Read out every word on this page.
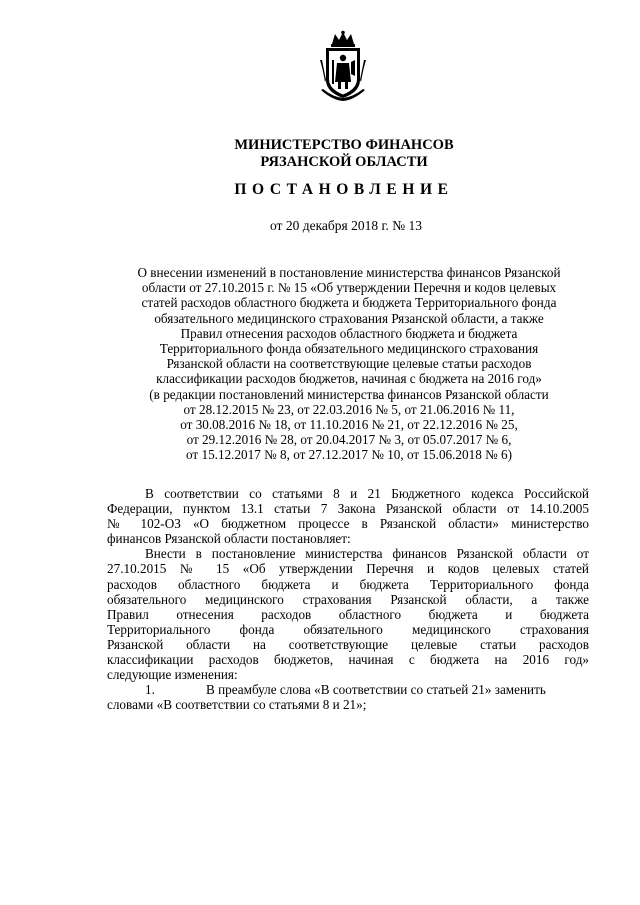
МИНИСТЕРСТВО ФИНАНСОВ
РЯЗАНСКОЙ ОБЛАСТИ
ПОСТАНОВЛЕНИЕ
от 20 декабря 2018 г. № 13
О внесении изменений в постановление министерства финансов Рязанской
области от 27.10.2015 г. № 15 «Об утверждении Перечня и кодов целевых
статей расходов областного бюджета и бюджета Территориального фонда
обязательного медицинского страхования Рязанской области, а также
Правил отнесения расходов областного бюджета и бюджета
Территориального фонда обязательного медицинского страхования
Рязанской области на соответствующие целевые статьи расходов
классификации расходов бюджетов, начиная с бюджета на 2016 год»
(в редакции постановлений министерства финансов Рязанской области
от 28.12.2015 № 23, от 22.03.2016 № 5, от 21.06.2016 № 11,
от 30.08.2016 № 18, от 11.10.2016 № 21, от 22.12.2016 № 25,
от 29.12.2016 № 28, от 20.04.2017 № 3, от 05.07.2017 № 6,
от 15.12.2017 № 8, от 27.12.2017 № 10, от 15.06.2018 № 6)
В соответствии со статьями 8 и 21 Бюджетного кодекса Российской
Федерации, пунктом 13.1 статьи 7 Закона Рязанской области от 14.10.2005
№ 102-ОЗ «О бюджетном процессе в Рязанской области» министерство
финансов Рязанской области постановляет:
Внести в постановление министерства финансов Рязанской области от
27.10.2015 № 15 «Об утверждении Перечня и кодов целевых статей
расходов областного бюджета и бюджета Территориального фонда
обязательного медицинского страхования Рязанской области, а также
Правил отнесения расходов областного бюджета и бюджета
Территориального фонда обязательного медицинского страхования
Рязанской области на соответствующие целевые статьи расходов
классификации расходов бюджетов, начиная с бюджета на 2016 год»
следующие изменения:
1.	В преамбуле слова «В соответствии со статьей 21» заменить
словами «В соответствии со статьями 8 и 21»;
